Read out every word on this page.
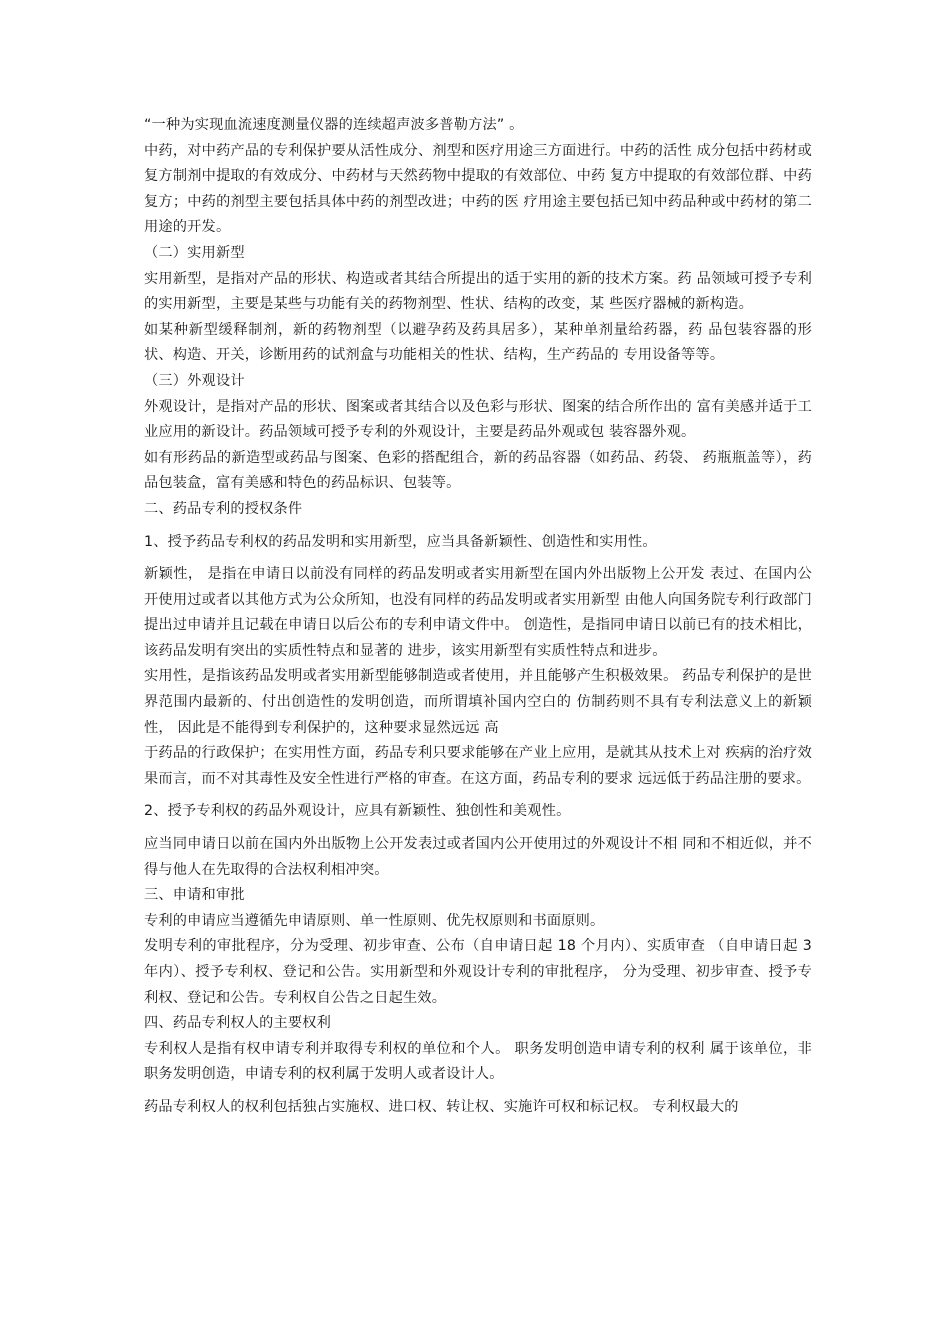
“一种为实现血流速度测量仪器的连续超声波多普勒方法” 。

中药，对中药产品的专利保护要从活性成分、剂型和医疗用途三方面进行。中药的活性 成分包括中药材或复方制剂中提取的有效成分、中药材与天然药物中提取的有效部位、中药 复方中提取的有效部位群、中药复方；中药的剂型主要包括具体中药的剂型改进；中药的医 疗用途主要包括已知中药品种或中药材的第二用途的开发。

（二）实用新型

实用新型，是指对产品的形状、构造或者其结合所提出的适于实用的新的技术方案。药 品领域可授予专利的实用新型，主要是某些与功能有关的药物剂型、性状、结构的改变，某 些医疗器械的新构造。

如某种新型缓释制剂，新的药物剂型（以避孕药及药具居多），某种单剂量给药器，药 品包装容器的形状、构造、开关，诊断用药的试剂盒与功能相关的性状、结构，生产药品的 专用设备等等。

（三）外观设计

外观设计，是指对产品的形状、图案或者其结合以及色彩与形状、图案的结合所作出的 富有美感并适于工业应用的新设计。药品领域可授予专利的外观设计，主要是药品外观或包 装容器外观。

如有形药品的新造型或药品与图案、色彩的搭配组合，新的药品容器（如药品、药袋、 药瓶瓶盖等），药品包装盒，富有美感和特色的药品标识、包装等。

二、药品专利的授权条件

1、授予药品专利权的药品发明和实用新型，应当具备新颖性、创造性和实用性。

新颖性， 是指在申请日以前没有同样的药品发明或者实用新型在国内外出版物上公开发 表过、在国内公开使用过或者以其他方式为公众所知，也没有同样的药品发明或者实用新型 由他人向国务院专利行政部门提出过申请并且记载在申请日以后公布的专利申请文件中。 创造性，是指同申请日以前已有的技术相比，该药品发明有突出的实质性特点和显著的 进步，该实用新型有实质性特点和进步。

实用性，是指该药品发明或者实用新型能够制造或者使用，并且能够产生积极效果。 药品专利保护的是世界范围内最新的、付出创造性的发明创造，而所谓填补国内空白的 仿制药则不具有专利法意义上的新颖性， 因此是不能得到专利保护的，这种要求显然远远 高

于药品的行政保护；在实用性方面，药品专利只要求能够在产业上应用，是就其从技术上对 疾病的治疗效果而言，而不对其毒性及安全性进行严格的审查。在这方面，药品专利的要求 远远低于药品注册的要求。

2、授予专利权的药品外观设计，应具有新颖性、独创性和美观性。

应当同申请日以前在国内外出版物上公开发表过或者国内公开使用过的外观设计不相 同和不相近似，并不得与他人在先取得的合法权利相冲突。

三、申请和审批

专利的申请应当遵循先申请原则、单一性原则、优先权原则和书面原则。

发明专利的审批程序，分为受理、初步审查、公布（自申请日起 18 个月内）、实质审查 （自申请日起 3 年内）、授予专利权、登记和公告。实用新型和外观设计专利的审批程序， 分为受理、初步审查、授予专利权、登记和公告。专利权自公告之日起生效。

四、药品专利权人的主要权利

专利权人是指有权申请专利并取得专利权的单位和个人。 职务发明创造申请专利的权利 属于该单位，非职务发明创造，申请专利的权利属于发明人或者设计人。

药品专利权人的权利包括独占实施权、进口权、转让权、实施许可权和标记权。 专利权最大的
